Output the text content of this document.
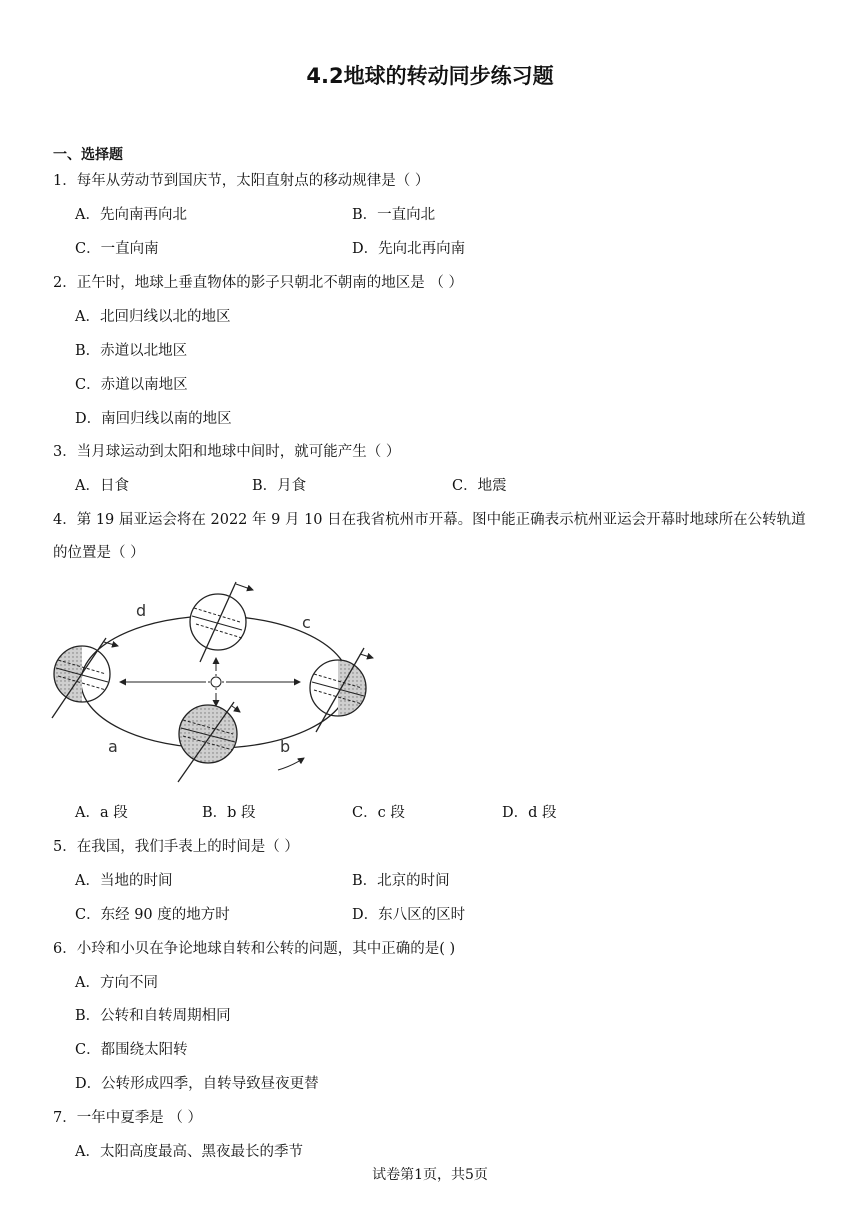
4.2地球的转动同步练习题
一、选择题
1．每年从劳动节到国庆节，太阳直射点的移动规律是（ ）
A．先向南再向北	B．一直向北
C．一直向南	D．先向北再向南
2．正午时，地球上垂直物体的影子只朝北不朝南的地区是 （ ）
A．北回归线以北的地区
B．赤道以北地区
C．赤道以南地区
D．南回归线以南的地区
3．当月球运动到太阳和地球中间时，就可能产生（ ）
A．日食	B．月食	C．地震
4．第 19 届亚运会将在 2022 年 9 月 10 日在我省杭州市开幕。图中能正确表示杭州亚运会开幕时地球所在公转轨道
的位置是（ ）
d
c
a	b
A．a 段	B．b 段	C．c 段	D．d 段
5．在我国，我们手表上的时间是（ ）
A．当地的时间	B．北京的时间
C．东经 90 度的地方时	D．东八区的区时
6．小玲和小贝在争论地球自转和公转的问题，其中正确的是( )
A．方向不同
B．公转和自转周期相同
C．都围绕太阳转
D．公转形成四季，自转导致昼夜更替
7．一年中夏季是 （ ）
A．太阳高度最高、黑夜最长的季节
试卷第1页，共5页
